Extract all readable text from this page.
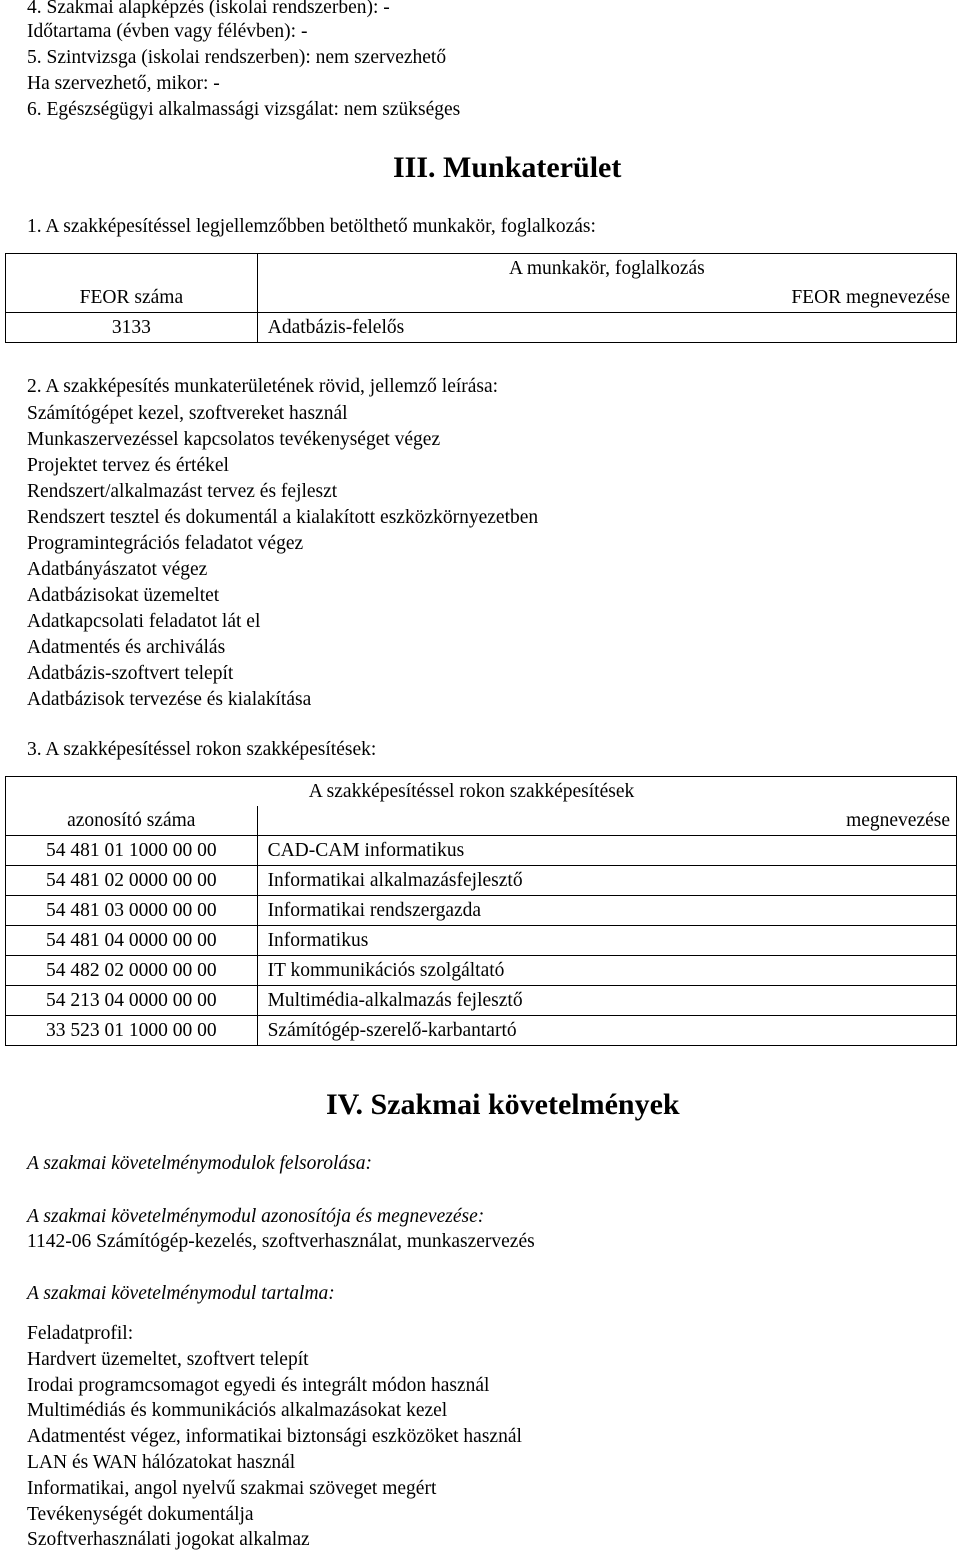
4. Szakmai alapképzés (iskolai rendszerben): -
Időtartama (évben vagy félévben): -
5. Szintvizsga (iskolai rendszerben): nem szervezhető
Ha szervezhető, mikor: -
6. Egészségügyi alkalmassági vizsgálat: nem szükséges
III. Munkaterület
1. A szakképesítéssel legjellemzőbben betölthető munkakör, foglalkozás:
	A munkakör, foglalkozás
FEOR száma	FEOR megnevezése
3133	Adatbázis-felelős
2. A szakképesítés munkaterületének rövid, jellemző leírása:
Számítógépet kezel, szoftvereket használ
Munkaszervezéssel kapcsolatos tevékenységet végez
Projektet tervez és értékel
Rendszert/alkalmazást tervez és fejleszt
Rendszert tesztel és dokumentál a kialakított eszközkörnyezetben
Programintegrációs feladatot végez
Adatbányászatot végez
Adatbázisokat üzemeltet
Adatkapcsolati feladatot lát el
Adatmentés és archiválás
Adatbázis-szoftvert telepít
Adatbázisok tervezése és kialakítása
3. A szakképesítéssel rokon szakképesítések:
	A szakképesítéssel rokon szakképesítések
azonosító száma	megnevezése
54 481 01 1000 00 00	CAD-CAM informatikus
54 481 02 0000 00 00	Informatikai alkalmazásfejlesztő
54 481 03 0000 00 00	Informatikai rendszergazda
54 481 04 0000 00 00	Informatikus
54 482 02 0000 00 00	IT kommunikációs szolgáltató
54 213 04 0000 00 00	Multimédia-alkalmazás fejlesztő
33 523 01 1000 00 00	Számítógép-szerelő-karbantartó
IV. Szakmai követelmények
A szakmai követelménymodulok felsorolása:
A szakmai követelménymodul azonosítója és megnevezése:
1142-06 Számítógép-kezelés, szoftverhasználat, munkaszervezés
A szakmai követelménymodul tartalma:
Feladatprofil:
Hardvert üzemeltet, szoftvert telepít
Irodai programcsomagot egyedi és integrált módon használ
Multimédiás és kommunikációs alkalmazásokat kezel
Adatmentést végez, informatikai biztonsági eszközöket használ
LAN és WAN hálózatokat használ
Informatikai, angol nyelvű szakmai szöveget megért
Tevékenységét dokumentálja
Szoftverhasználati jogokat alkalmaz
